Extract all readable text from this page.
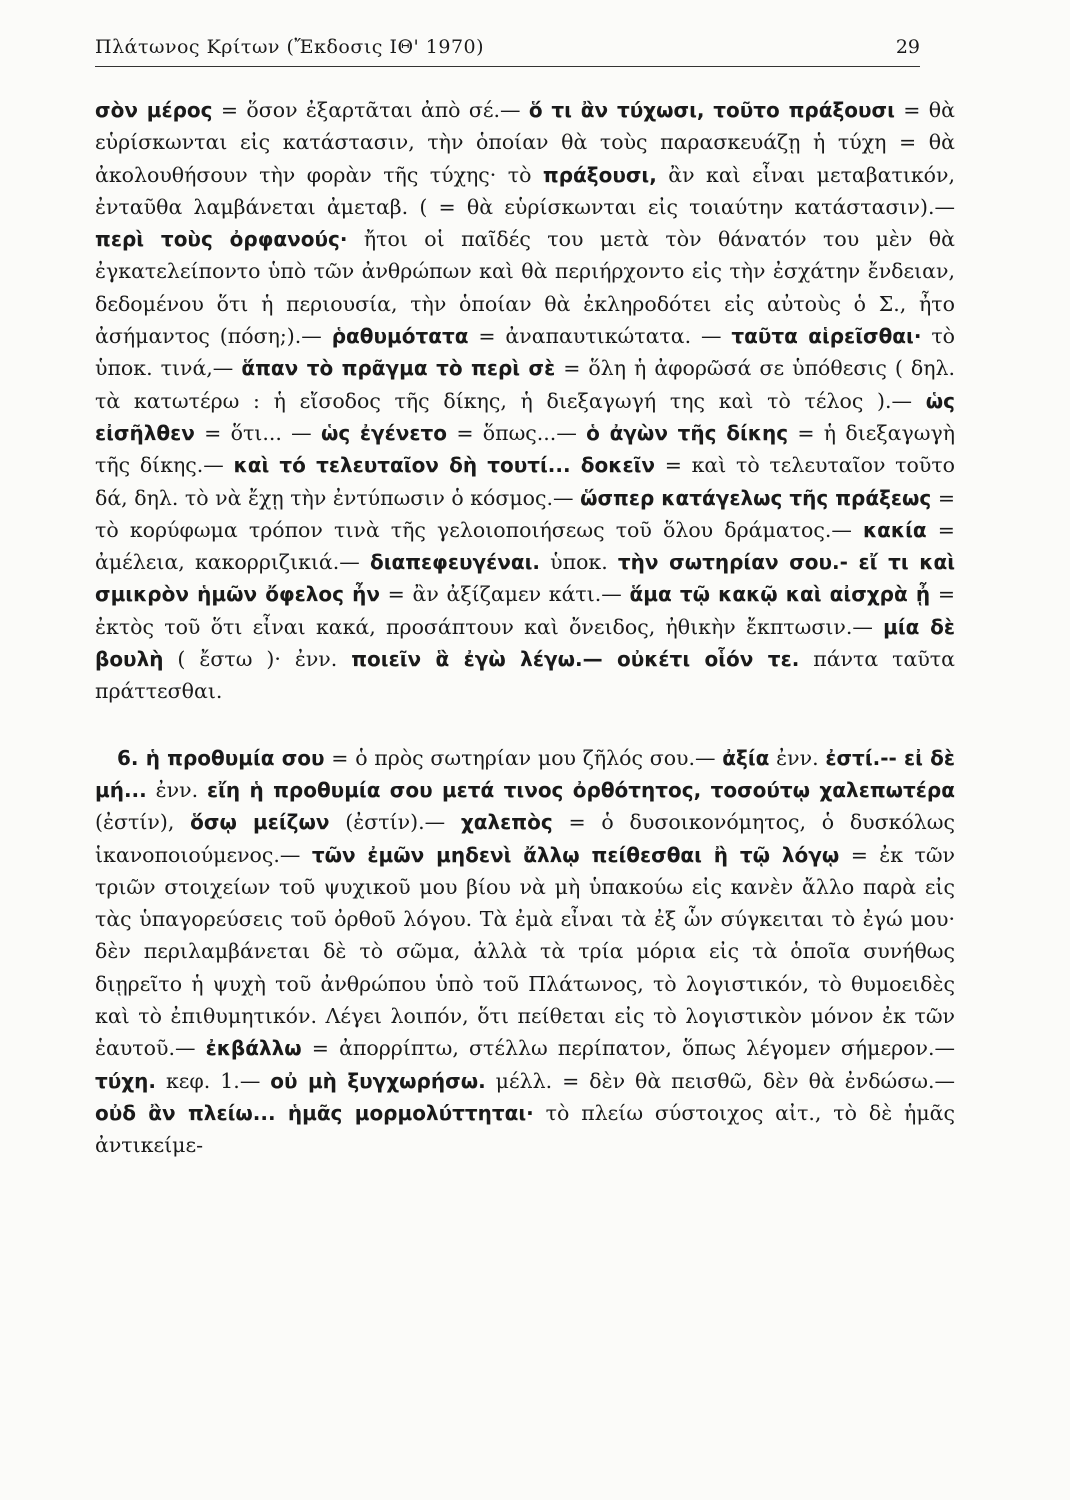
Πλάτωνος Κρίτων (Ἔκδοσις ΙΘ' 1970)	29

σὸν μέρος = ὅσον ἐξαρτᾶται ἀπὸ σέ.— ὅ τι ἂν τύχωσι, τοῦτο πράξουσι = θὰ εὑρίσκωνται εἰς κατάστασιν, τὴν ὁποίαν θὰ τοὺς παρασκευάζῃ ἡ τύχη = θὰ ἀκολουθήσουν τὴν φορὰν τῆς τύχης· τὸ πράξουσι, ἂν καὶ εἶναι μεταβατικόν, ἐνταῦθα λαμβάνεται ἀμεταβ. ( = θὰ εὑρίσκωνται εἰς τοιαύτην κατάστασιν).— περὶ τοὺς ὀρφανούς· ἤτοι οἱ παῖδές του μετὰ τὸν θάνατόν του μὲν θὰ ἐγκατελείποντο ὑπὸ τῶν ἀνθρώπων καὶ θὰ περιήρχοντο εἰς τὴν ἐσχάτην ἔνδειαν, δεδομένου ὅτι ἡ περιουσία, τὴν ὁποίαν θὰ ἐκληροδότει εἰς αὐτοὺς ὁ Σ., ἦτο ἀσήμαντος (πόση;).— ῥαθυμότατα = ἀναπαυτικώτατα. — ταῦτα αἱρεῖσθαι· τὸ ὑποκ. τινά,— ἅπαν τὸ πρᾶγμα τὸ περὶ σὲ = ὅλη ἡ ἀφορῶσά σε ὑπόθεσις ( δηλ. τὰ κατωτέρω : ἡ εἴσοδος τῆς δίκης, ἡ διεξαγωγή της καὶ τὸ τέλος ).— ὡς εἰσῆλθεν = ὅτι... — ὡς ἐγένετο = ὅπως...— ὁ ἀγὼν τῆς δίκης = ἡ διεξαγωγὴ τῆς δίκης.— καὶ τό τελευταῖον δὴ τουτί... δοκεῖν = καὶ τὸ τελευταῖον τοῦτο δά, δηλ. τὸ νὰ ἔχῃ τὴν ἐντύπωσιν ὁ κόσμος.— ὥσπερ κατάγελως τῆς πράξεως = τὸ κορύφωμα τρόπον τινὰ τῆς γελοιοποιήσεως τοῦ ὅλου δράματος.— κακία = ἀμέλεια, κακορριζικιά.— διαπεφευγέναι. ὑποκ. τὴν σωτηρίαν σου.- εἴ τι καὶ σμικρὸν ἡμῶν ὄφελος ἦν = ἂν ἀξίζαμεν κάτι.— ἅμα τῷ κακῷ καὶ αἰσχρὰ ᾖ = ἐκτὸς τοῦ ὅτι εἶναι κακά, προσάπτουν καὶ ὄνειδος, ἠθικὴν ἔκπτωσιν.— μία δὲ βουλὴ ( ἔστω )· ἐνν. ποιεῖν ἃ ἐγὼ λέγω.— οὐκέτι οἷόν τε. πάντα ταῦτα πράττεσθαι.

6. ἡ προθυμία σου = ὁ πρὸς σωτηρίαν μου ζῆλός σου.— ἀξία ἐνν. ἐστί.-- εἰ δὲ μή... ἐνν. εἴη ἡ προθυμία σου μετά τινος ὀρθότητος, τοσούτῳ χαλεπωτέρα (ἐστίν), ὅσῳ μείζων (ἐστίν).— χαλεπὸς = ὁ δυσοικονόμητος, ὁ δυσκόλως ἱκανοποιούμενος.— τῶν ἐμῶν μηδενὶ ἄλλῳ πείθεσθαι ἢ τῷ λόγῳ = ἐκ τῶν τριῶν στοιχείων τοῦ ψυχικοῦ μου βίου νὰ μὴ ὑπακούω εἰς κανὲν ἄλλο παρὰ εἰς τὰς ὑπαγορεύσεις τοῦ ὀρθοῦ λόγου. Τὰ ἐμὰ εἶναι τὰ ἐξ ὧν σύγκειται τὸ ἐγώ μου· δὲν περιλαμβάνεται δὲ τὸ σῶμα, ἀλλὰ τὰ τρία μόρια εἰς τὰ ὁποῖα συνήθως διῃρεῖτο ἡ ψυχὴ τοῦ ἀνθρώπου ὑπὸ τοῦ Πλάτωνος, τὸ λογιστικόν, τὸ θυμοειδὲς καὶ τὸ ἐπιθυμητικόν. Λέγει λοιπόν, ὅτι πείθεται εἰς τὸ λογιστικὸν μόνον ἐκ τῶν ἑαυτοῦ.— ἐκβάλλω = ἀπορρίπτω, στέλλω περίπατον, ὅπως λέγομεν σήμερον.— τύχη. κεφ. 1.— οὐ μὴ ξυγχωρήσω. μέλλ. = δὲν θὰ πεισθῶ, δὲν θὰ ἐνδώσω.— οὐδ ἂν πλείω... ἡμᾶς μορμολύττηται· τὸ πλείω σύστοιχος αἰτ., τὸ δὲ ἡμᾶς ἀντικείμε-
